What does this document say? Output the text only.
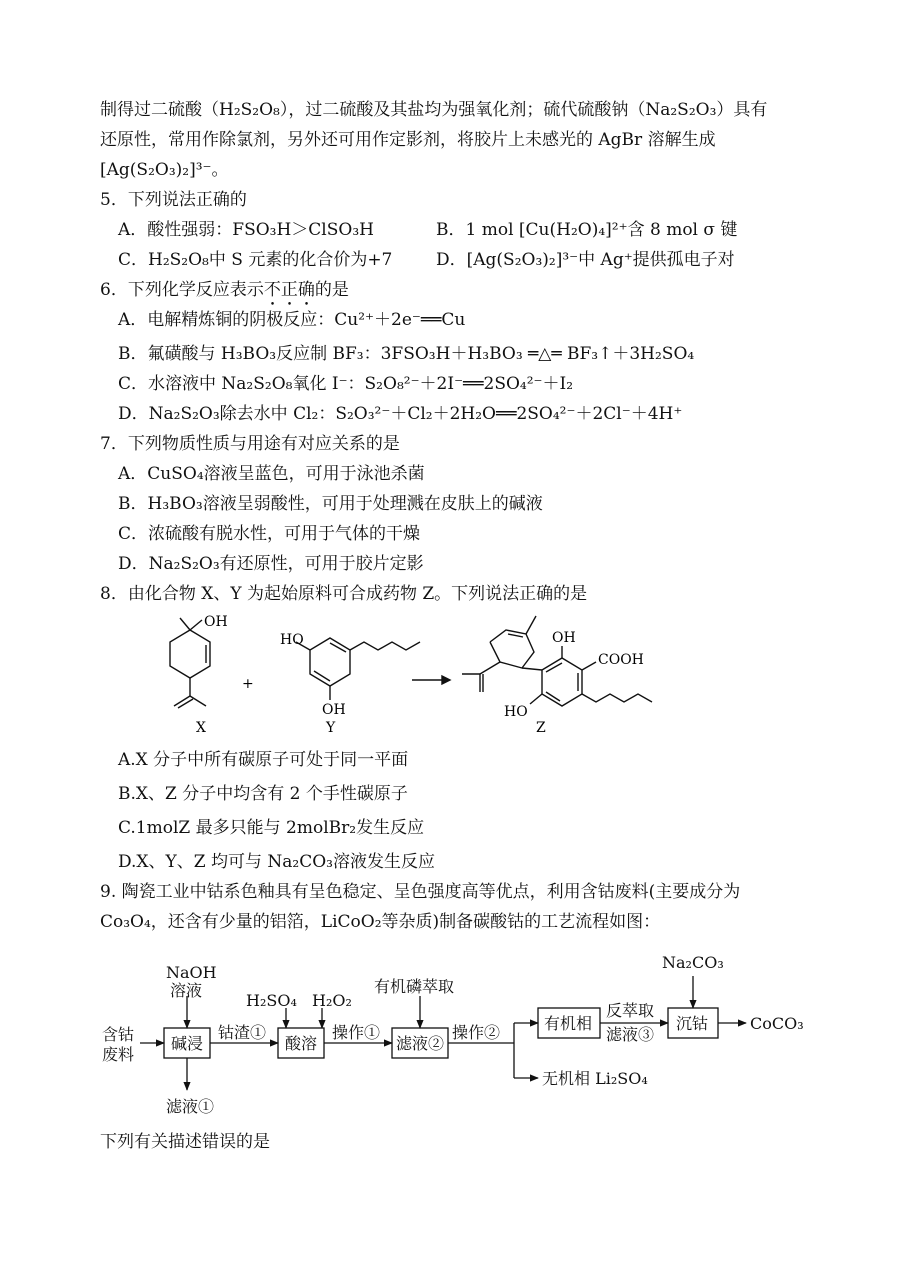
制得过二硫酸（H₂S₂O₈），过二硫酸及其盐均为强氧化剂；硫代硫酸钠（Na₂S₂O₃）具有
还原性，常用作除氯剂，另外还可用作定影剂，将胶片上未感光的 AgBr 溶解生成
[Ag(S₂O₃)₂]³⁻。
5．下列说法正确的
A．酸性强弱：FSO₃H＞ClSO₃H	B．1 mol [Cu(H₂O)₄]²⁺含 8 mol σ 键
C．H₂S₂O₈中 S 元素的化合价为+7	D．[Ag(S₂O₃)₂]³⁻中 Ag⁺提供孤电子对
6．下列化学反应表示不正确的是
A．电解精炼铜的阴极反应：Cu²⁺＋2e⁻══Cu
B．氟磺酸与 H₃BO₃反应制 BF₃：3FSO₃H＋H₃BO₃ ═△═ BF₃↑＋3H₂SO₄
C．水溶液中 Na₂S₂O₈氧化 I⁻：S₂O₈²⁻＋2I⁻══2SO₄²⁻＋I₂
D．Na₂S₂O₃除去水中 Cl₂：S₂O₃²⁻＋Cl₂＋2H₂O══2SO₄²⁻＋2Cl⁻＋4H⁺
7．下列物质性质与用途有对应关系的是
A．CuSO₄溶液呈蓝色，可用于泳池杀菌
B．H₃BO₃溶液呈弱酸性，可用于处理溅在皮肤上的碱液
C．浓硫酸有脱水性，可用于气体的干燥
D．Na₂S₂O₃有还原性，可用于胶片定影
8．由化合物 X、Y 为起始原料可合成药物 Z。下列说法正确的是
OH
+
X
HO
OH
Y
OH
COOH
HO
Z
A.X 分子中所有碳原子可处于同一平面
B.X、Z 分子中均含有 2 个手性碳原子
C.1molZ 最多只能与 2molBr₂发生反应
D.X、Y、Z 均可与 Na₂CO₃溶液发生反应
9. 陶瓷工业中钴系色釉具有呈色稳定、呈色强度高等优点，利用含钴废料(主要成分为
Co₃O₄，还含有少量的铝箔，LiCoO₂等杂质)制备碳酸钴的工艺流程如图：
NaOH
溶液
含钴
废料
碱浸
滤液①
钴渣①
H₂SO₄
酸溶
H₂O₂
操作①
有机磷萃取
滤液②
操作②	有机相
反萃取
滤液③
Na₂CO₃
沉钴	CoCO₃
无机相 Li₂SO₄
下列有关描述错误的是
